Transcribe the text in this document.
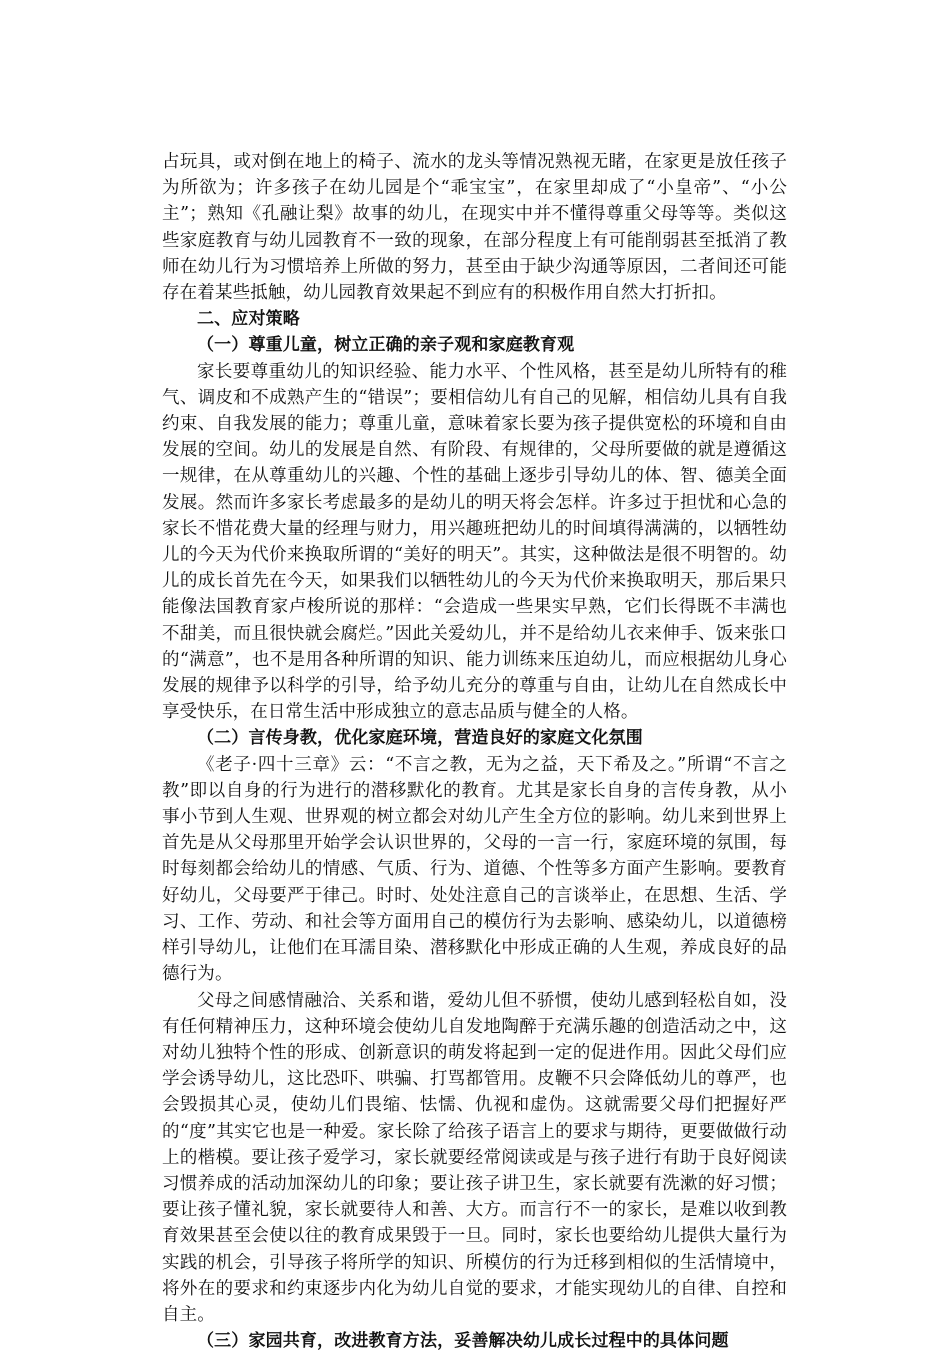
占玩具，或对倒在地上的椅子、流水的龙头等情况熟视无睹，在家更是放任孩子为所欲为；许多孩子在幼儿园是个“乖宝宝”，在家里却成了“小皇帝”、“小公主”；熟知《孔融让梨》故事的幼儿，在现实中并不懂得尊重父母等等。类似这些家庭教育与幼儿园教育不一致的现象，在部分程度上有可能削弱甚至抵消了教师在幼儿行为习惯培养上所做的努力，甚至由于缺少沟通等原因，二者间还可能存在着某些抵触，幼儿园教育效果起不到应有的积极作用自然大打折扣。

二、应对策略

（一）尊重儿童，树立正确的亲子观和家庭教育观

家长要尊重幼儿的知识经验、能力水平、个性风格，甚至是幼儿所特有的稚气、调皮和不成熟产生的“错误”；要相信幼儿有自己的见解，相信幼儿具有自我约束、自我发展的能力；尊重儿童，意味着家长要为孩子提供宽松的环境和自由发展的空间。幼儿的发展是自然、有阶段、有规律的，父母所要做的就是遵循这一规律，在从尊重幼儿的兴趣、个性的基础上逐步引导幼儿的体、智、德美全面发展。然而许多家长考虑最多的是幼儿的明天将会怎样。许多过于担忧和心急的家长不惜花费大量的经理与财力，用兴趣班把幼儿的时间填得满满的，以牺牲幼儿的今天为代价来换取所谓的“美好的明天”。其实，这种做法是很不明智的。幼儿的成长首先在今天，如果我们以牺牲幼儿的今天为代价来换取明天，那后果只能像法国教育家卢梭所说的那样：“会造成一些果实早熟，它们长得既不丰满也不甜美，而且很快就会腐烂。”因此关爱幼儿，并不是给幼儿衣来伸手、饭来张口的“满意”，也不是用各种所谓的知识、能力训练来压迫幼儿，而应根据幼儿身心发展的规律予以科学的引导，给予幼儿充分的尊重与自由，让幼儿在自然成长中享受快乐，在日常生活中形成独立的意志品质与健全的人格。

（二）言传身教，优化家庭环境，营造良好的家庭文化氛围

《老子·四十三章》云：“不言之教，无为之益，天下希及之。”所谓“不言之教”即以自身的行为进行的潜移默化的教育。尤其是家长自身的言传身教，从小事小节到人生观、世界观的树立都会对幼儿产生全方位的影响。幼儿来到世界上首先是从父母那里开始学会认识世界的，父母的一言一行，家庭环境的氛围，每时每刻都会给幼儿的情感、气质、行为、道德、个性等多方面产生影响。要教育好幼儿，父母要严于律己。时时、处处注意自己的言谈举止，在思想、生活、学习、工作、劳动、和社会等方面用自己的模仿行为去影响、感染幼儿，以道德榜样引导幼儿，让他们在耳濡目染、潜移默化中形成正确的人生观，养成良好的品德行为。

父母之间感情融洽、关系和谐，爱幼儿但不骄惯，使幼儿感到轻松自如，没有任何精神压力，这种环境会使幼儿自发地陶醉于充满乐趣的创造活动之中，这对幼儿独特个性的形成、创新意识的萌发将起到一定的促进作用。因此父母们应学会诱导幼儿，这比恐吓、哄骗、打骂都管用。皮鞭不只会降低幼儿的尊严，也会毁损其心灵，使幼儿们畏缩、怯懦、仇视和虚伪。这就需要父母们把握好严的“度”其实它也是一种爱。家长除了给孩子语言上的要求与期待，更要做做行动上的楷模。要让孩子爱学习，家长就要经常阅读或是与孩子进行有助于良好阅读习惯养成的活动加深幼儿的印象；要让孩子讲卫生，家长就要有洗漱的好习惯；要让孩子懂礼貌，家长就要待人和善、大方。而言行不一的家长，是难以收到教育效果甚至会使以往的教育成果毁于一旦。同时，家长也要给幼儿提供大量行为实践的机会，引导孩子将所学的知识、所模仿的行为迁移到相似的生活情境中，将外在的要求和约束逐步内化为幼儿自觉的要求，才能实现幼儿的自律、自控和自主。

（三）家园共育，改进教育方法，妥善解决幼儿成长过程中的具体问题
